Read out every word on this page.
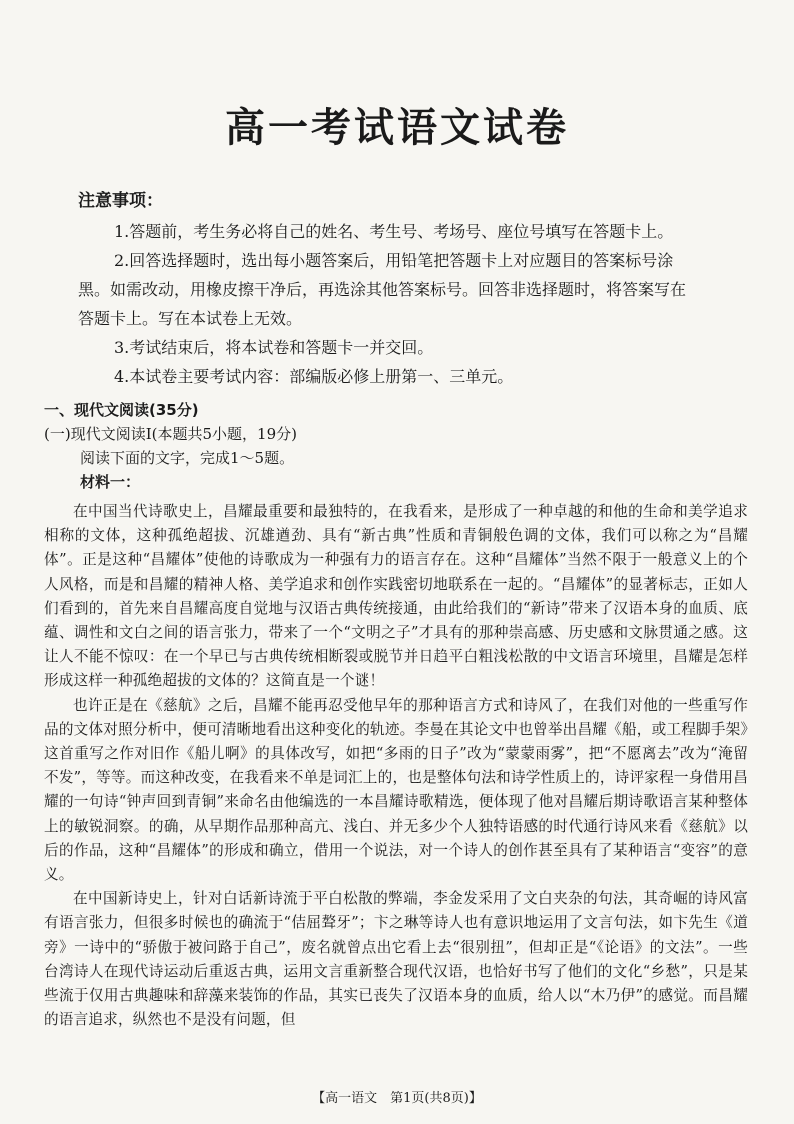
高一考试语文试卷
注意事项：

1.答题前，考生务必将自己的姓名、考生号、考场号、座位号填写在答题卡上。

2.回答选择题时，选出每小题答案后，用铅笔把答题卡上对应题目的答案标号涂

黑。如需改动，用橡皮擦干净后，再选涂其他答案标号。回答非选择题时，将答案写在

答题卡上。写在本试卷上无效。

3.考试结束后，将本试卷和答题卡一并交回。

4.本试卷主要考试内容：部编版必修上册第一、三单元。

一、现代文阅读(35分)
(一)现代文阅读Ⅰ(本题共5小题，19分)
阅读下面的文字，完成1～5题。
材料一：

在中国当代诗歌史上，昌耀最重要和最独特的，在我看来，是形成了一种卓越的和他的生命和美学追求相称的文体，这种孤绝超拔、沉雄遒劲、具有“新古典”性质和青铜般色调的文体，我们可以称之为“昌耀体”。正是这种“昌耀体”使他的诗歌成为一种强有力的语言存在。这种“昌耀体”当然不限于一般意义上的个人风格，而是和昌耀的精神人格、美学追求和创作实践密切地联系在一起的。“昌耀体”的显著标志，正如人们看到的，首先来自昌耀高度自觉地与汉语古典传统接通，由此给我们的“新诗”带来了汉语本身的血质、底蕴、调性和文白之间的语言张力，带来了一个“文明之子”才具有的那种崇高感、历史感和文脉贯通之感。这让人不能不惊叹：在一个早已与古典传统相断裂或脱节并日趋平白粗浅松散的中文语言环境里，昌耀是怎样形成这样一种孤绝超拔的文体的？这简直是一个谜！

也许正是在《慈航》之后，昌耀不能再忍受他早年的那种语言方式和诗风了，在我们对他的一些重写作品的文体对照分析中，便可清晰地看出这种变化的轨迹。李曼在其论文中也曾举出昌耀《船，或工程脚手架》这首重写之作对旧作《船儿啊》的具体改写，如把“多雨的日子”改为“蒙蒙雨雾”，把“不愿离去”改为“淹留不发”，等等。而这种改变，在我看来不单是词汇上的，也是整体句法和诗学性质上的，诗评家程一身借用昌耀的一句诗“钟声回到青铜”来命名由他编选的一本昌耀诗歌精选，便体现了他对昌耀后期诗歌语言某种整体上的敏锐洞察。的确，从早期作品那种高亢、浅白、并无多少个人独特语感的时代通行诗风来看《慈航》以后的作品，这种“昌耀体”的形成和确立，借用一个说法，对一个诗人的创作甚至具有了某种语言“变容”的意义。

在中国新诗史上，针对白话新诗流于平白松散的弊端，李金发采用了文白夹杂的句法，其奇崛的诗风富有语言张力，但很多时候也的确流于“佶屈聱牙”；卞之琳等诗人也有意识地运用了文言句法，如卞先生《道旁》一诗中的“骄傲于被问路于自己”，废名就曾点出它看上去“很别扭”，但却正是“《论语》的文法”。一些台湾诗人在现代诗运动后重返古典，运用文言重新整合现代汉语，也恰好书写了他们的文化“乡愁”，只是某些流于仅用古典趣味和辞藻来装饰的作品，其实已丧失了汉语本身的血质，给人以“木乃伊”的感觉。而昌耀的语言追求，纵然也不是没有问题，但

【高一语文　第1页(共8页)】
